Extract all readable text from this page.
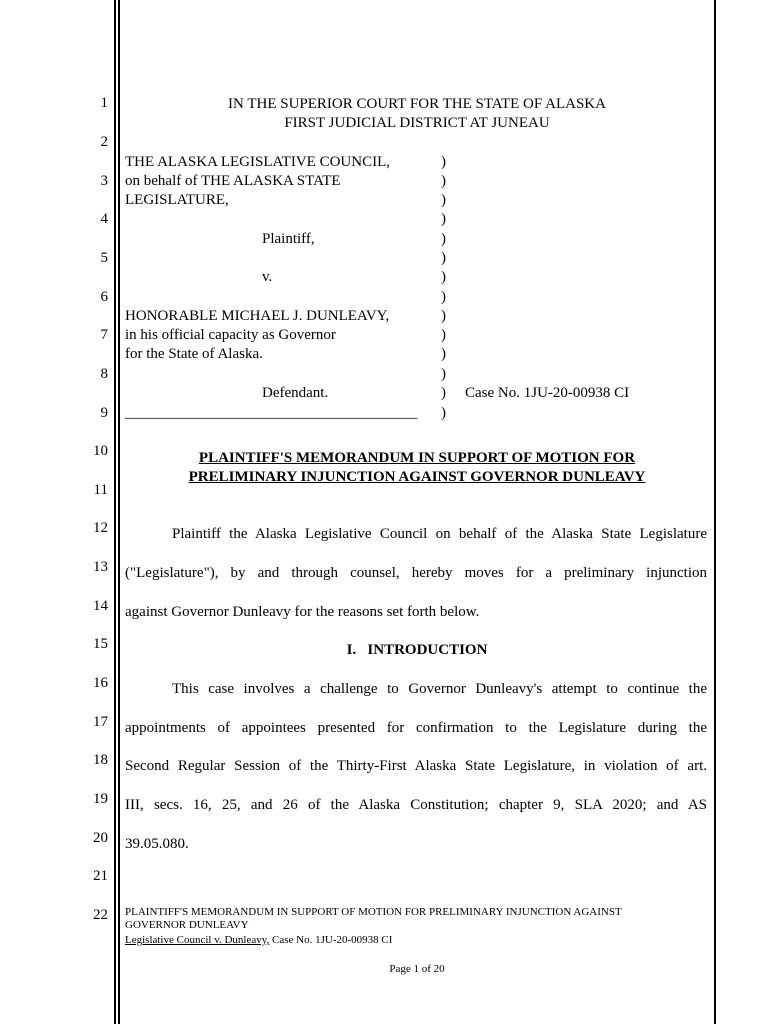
1
2
3
4
5
6
7
8
9
10
11
12
13
14
15
16
17
18
19
20
21
22
IN THE SUPERIOR COURT FOR THE STATE OF ALASKA
FIRST JUDICIAL DISTRICT AT JUNEAU
THE ALASKA LEGISLATIVE COUNCIL,
on behalf of THE ALASKA STATE
LEGISLATURE,
Plaintiff,
v.
HONORABLE MICHAEL J. DUNLEAVY,
in his official capacity as Governor
for the State of Alaska.
Defendant.
_______________________________________
)
)
)
)
)
)
)
)
)
)
)
)
)
)
Case No. 1JU-20-00938 CI
PLAINTIFF'S MEMORANDUM IN SUPPORT OF MOTION FOR
PRELIMINARY INJUNCTION AGAINST GOVERNOR DUNLEAVY
Plaintiff the Alaska Legislative Council on behalf of the Alaska State Legislature
("Legislature"), by and through counsel, hereby moves for a preliminary injunction
against Governor Dunleavy for the reasons set forth below.
I.   INTRODUCTION
This case involves a challenge to Governor Dunleavy's attempt to continue the
appointments of appointees presented for confirmation to the Legislature during the
Second Regular Session of the Thirty-First Alaska State Legislature, in violation of art.
III, secs. 16, 25, and 26 of the Alaska Constitution; chapter 9, SLA 2020; and AS
39.05.080.
PLAINTIFF'S MEMORANDUM IN SUPPORT OF MOTION FOR PRELIMINARY INJUNCTION AGAINST
GOVERNOR DUNLEAVY
Legislative Council v. Dunleavy, Case No. 1JU-20-00938 CI
Page 1 of 20
